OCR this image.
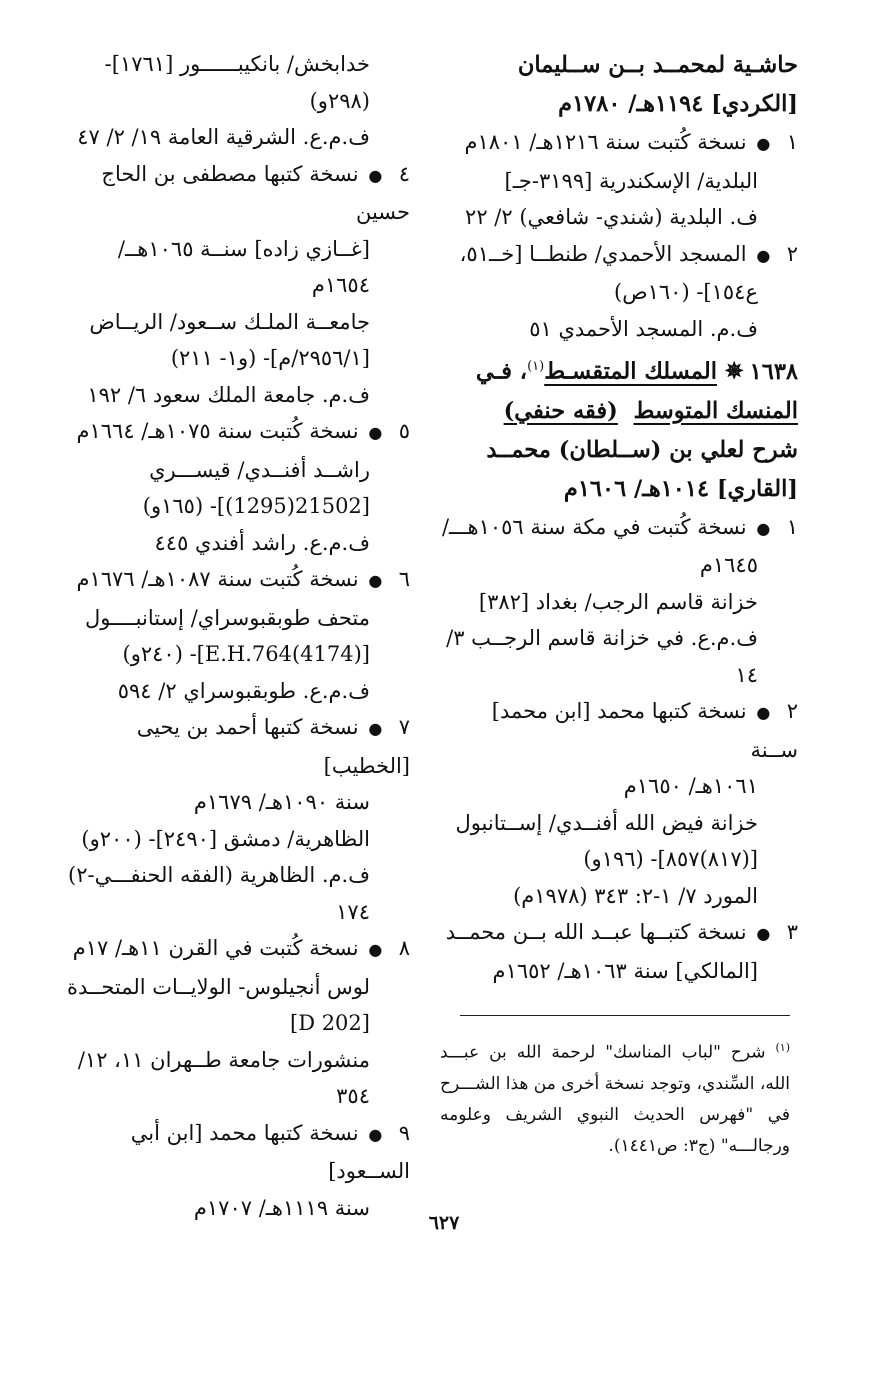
حاشـية لمحمــد بــن ســليمان
[الكردي] ١١٩٤هـ/ ١٧٨٠م
١ ● نسخة كُتبت سنة ١٢١٦هـ/ ١٨٠١م
البلدية/ الإسكندرية [٣١٩٩-جـ]
ف. البلدية (شندي- شافعي) ٢/ ٢٢
٢ ● المسجد الأحمدي/ طنطــا [خــ٥١،
ع١٥٤]- (١٦٠ص)
ف.م. المسجد الأحمدي ٥١
١٦٣٨✵ المسلك المتقسـط$^{(١)}$، فـي
المنسك المتوسط  (فقه حنفي)
شرح لعلي بن (ســلطان) محمــد
[القاري] ١٠١٤هـ/ ١٦٠٦م
١ ● نسخة كُتبت في مكة سنة ١٠٥٦هـــ/
١٦٤٥م
خزانة قاسم الرجب/ بغداد [٣٨٢]
ف.م.ع. في خزانة قاسم الرجــب ٣/
١٤
٢ ● نسخة كتبها محمد [ابن محمد] ســنة
١٠٦١هـ/ ١٦٥٠م
خزانة فيض الله أفنــدي/ إســتانبول
[(٨١٧)٨٥٧]- (١٩٦و)
المورد ٧/ ١-٢: ٣٤٣ (١٩٧٨م)
٣ ● نسخة كتبــها عبــد الله بــن محمــد
[المالكي] سنة ١٠٦٣هـ/ ١٦٥٢م
خدابخش/ بانكيبــــــور [١٧٦١]-
(٢٩٨و)
ف.م.ع. الشرقية العامة ١٩/ ٢/ ٤٧
٤ ● نسخة كتبها مصطفى بن الحاج حسين
[غــازي زاده] سنــة ١٠٦٥هــ/
١٦٥٤م
جامعــة الملـك ســعود/ الريــاض
[٢٩٥٦/١/م]- (و١- ٢١١)
ف.م. جامعة الملك سعود ٦/ ١٩٢
٥ ● نسخة كُتبت سنة ١٠٧٥هـ/ ١٦٦٤م
راشــد أفنــدي/ قيســـري
[21502(1295)]- (١٦٥و)
ف.م.ع. راشد أفندي ٤٤٥
٦ ● نسخة كُتبت سنة ١٠٨٧هـ/ ١٦٧٦م
متحف طوبقبوسراي/ إستانبــــول
[E.H.764(4174)]- (٢٤٠و)
ف.م.ع. طوبقبوسراي ٢/ ٥٩٤
٧ ● نسخة كتبها أحمد بن يحيى [الخطيب]
سنة ١٠٩٠هـ/ ١٦٧٩م
الظاهرية/ دمشق [٢٤٩٠]- (٢٠٠و)
ف.م. الظاهرية (الفقه الحنفـــي-٢)
١٧٤
٨ ● نسخة كُتبت في القرن ١١هـ/ ١٧م
لوس أنجيلوس- الولايــات المتحــدة
[D 202]
منشورات جامعة طــهران ١١، ١٢/
٣٥٤
٩ ● نسخة كتبها محمد [ابن أبي الســعود]
سنة ١١١٩هـ/ ١٧٠٧م
$^{(١)}$ شرح "لباب المناسك" لرحمة الله بن عبـــد الله، السِّندي، وتوجد نسخة أخرى من هذا الشـــرح في "فهرس الحديث النبوي الشريف وعلومه ورجالـــه" (ج٣: ص١٤٤١).
٦٢٧
